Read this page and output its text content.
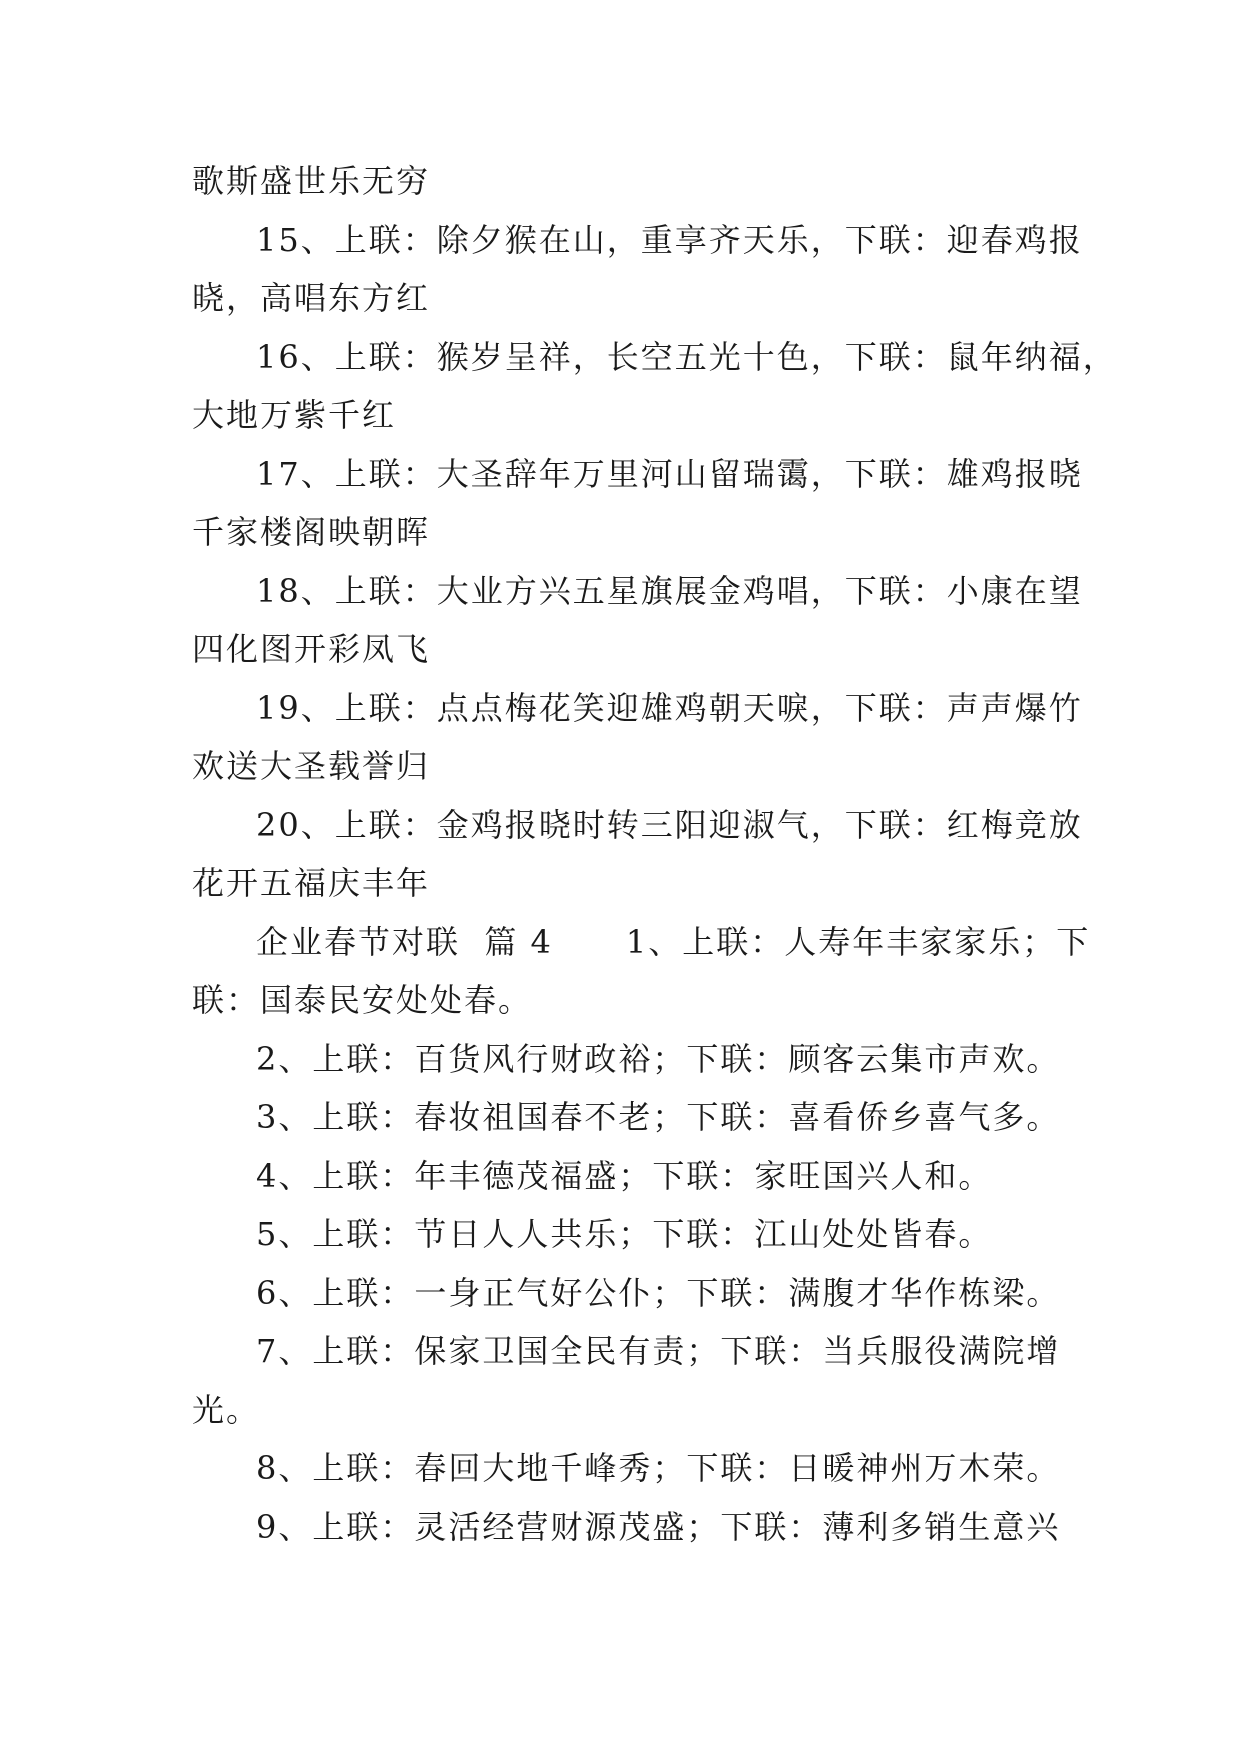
歌斯盛世乐无穷
15、上联：除夕猴在山，重享齐天乐，下联：迎春鸡报
晓，高唱东方红
16、上联：猴岁呈祥，长空五光十色，下联：鼠年纳福，
大地万紫千红
17、上联：大圣辞年万里河山留瑞霭，下联：雄鸡报晓
千家楼阁映朝晖
18、上联：大业方兴五星旗展金鸡唱，下联：小康在望
四化图开彩凤飞
19、上联：点点梅花笑迎雄鸡朝天唳，下联：声声爆竹
欢送大圣载誉归
20、上联：金鸡报晓时转三阳迎淑气，下联：红梅竞放
花开五福庆丰年
企业春节对联  篇 4      1、上联：人寿年丰家家乐；下
联：国泰民安处处春。
2、上联：百货风行财政裕；下联：顾客云集市声欢。
3、上联：春妆祖国春不老；下联：喜看侨乡喜气多。
4、上联：年丰德茂福盛；下联：家旺国兴人和。
5、上联：节日人人共乐；下联：江山处处皆春。
6、上联：一身正气好公仆；下联：满腹才华作栋梁。
7、上联：保家卫国全民有责；下联：当兵服役满院增
光。
8、上联：春回大地千峰秀；下联：日暖神州万木荣。
9、上联：灵活经营财源茂盛；下联：薄利多销生意兴
